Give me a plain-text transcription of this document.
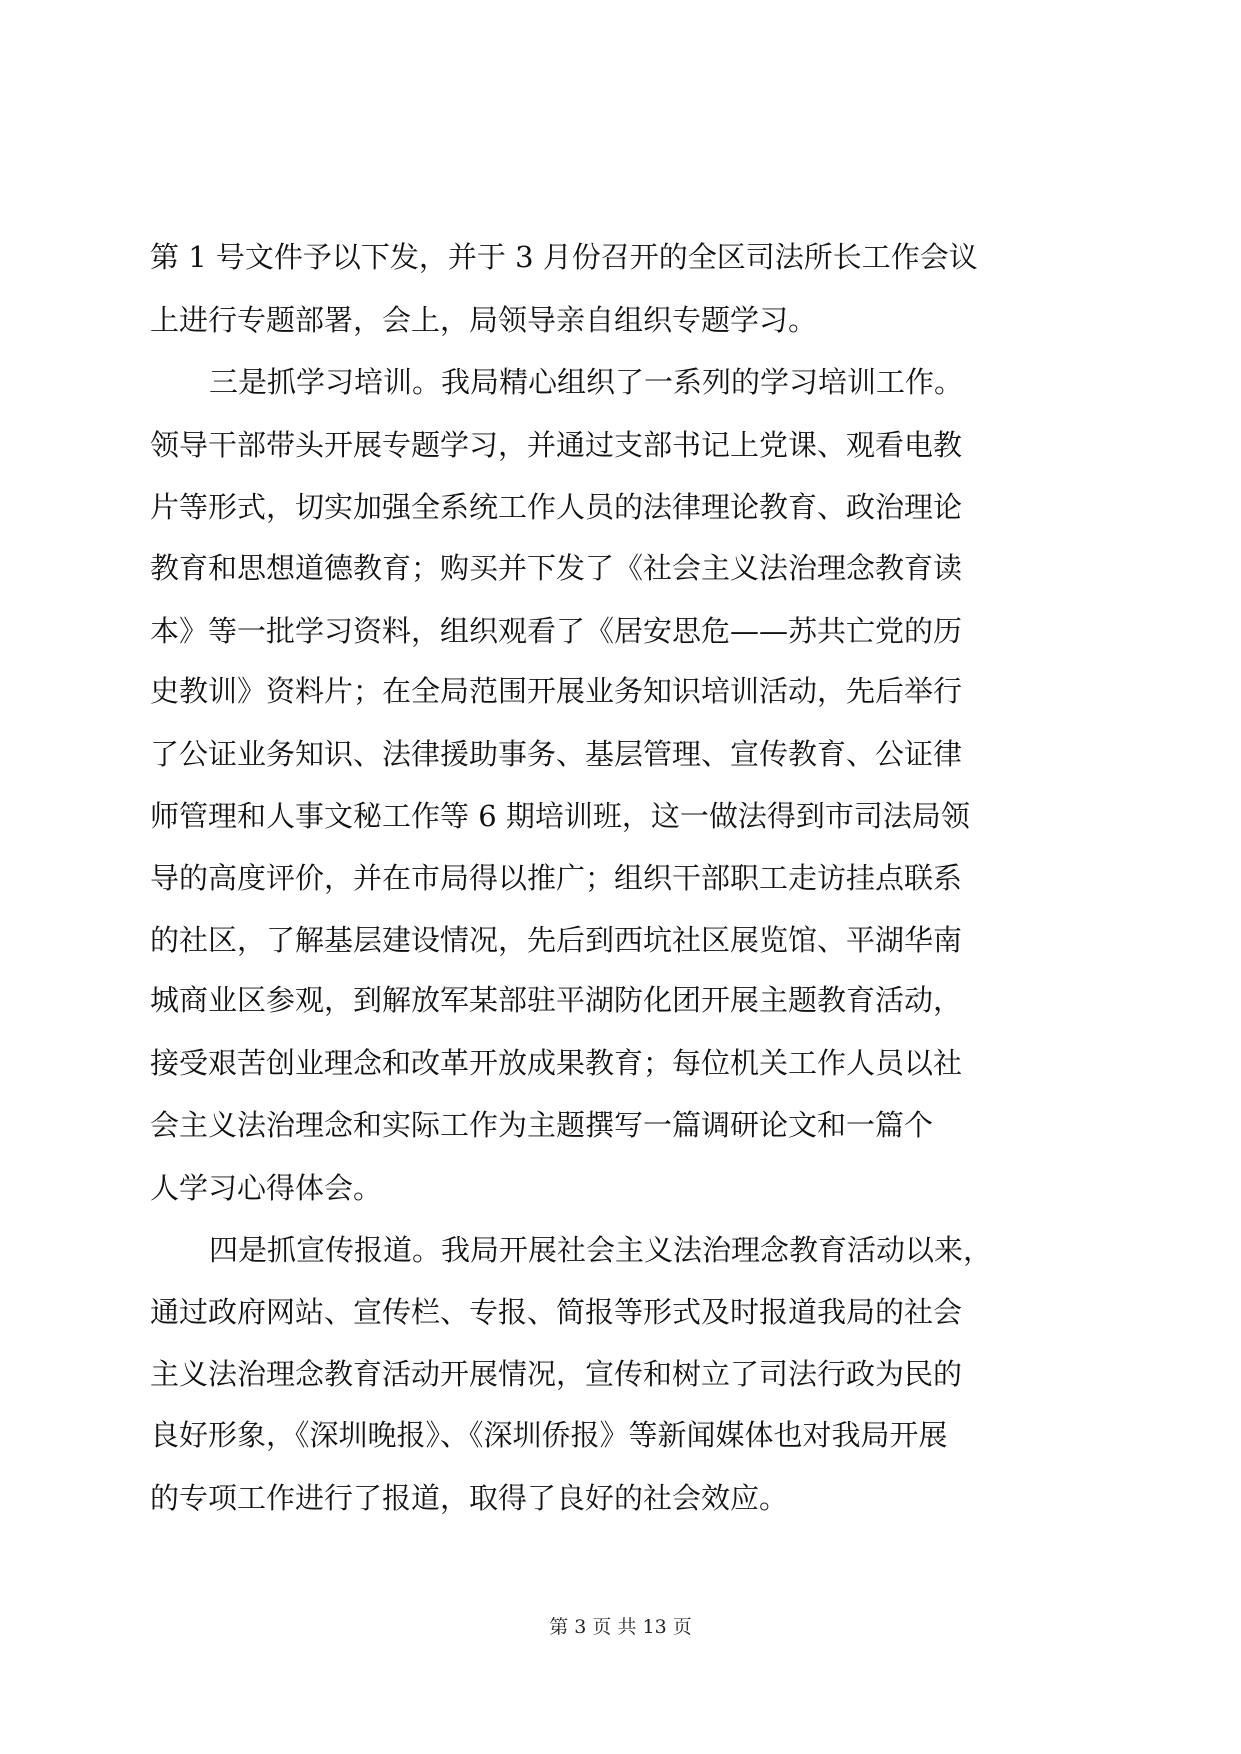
第 1 号文件予以下发，并于 3 月份召开的全区司法所长工作会议
上进行专题部署，会上，局领导亲自组织专题学习。
三是抓学习培训。我局精心组织了一系列的学习培训工作。
领导干部带头开展专题学习，并通过支部书记上党课、观看电教
片等形式，切实加强全系统工作人员的法律理论教育、政治理论
教育和思想道德教育；购买并下发了《社会主义法治理念教育读
本》等一批学习资料，组织观看了《居安思危——苏共亡党的历
史教训》资料片；在全局范围开展业务知识培训活动，先后举行
了公证业务知识、法律援助事务、基层管理、宣传教育、公证律
师管理和人事文秘工作等 6 期培训班，这一做法得到市司法局领
导的高度评价，并在市局得以推广；组织干部职工走访挂点联系
的社区，了解基层建设情况，先后到西坑社区展览馆、平湖华南
城商业区参观，到解放军某部驻平湖防化团开展主题教育活动，
接受艰苦创业理念和改革开放成果教育；每位机关工作人员以社
会主义法治理念和实际工作为主题撰写一篇调研论文和一篇个
人学习心得体会。
四是抓宣传报道。我局开展社会主义法治理念教育活动以来，
通过政府网站、宣传栏、专报、简报等形式及时报道我局的社会
主义法治理念教育活动开展情况，宣传和树立了司法行政为民的
良好形象，《深圳晚报》、《深圳侨报》等新闻媒体也对我局开展
的专项工作进行了报道，取得了良好的社会效应。
第 3 页 共 13 页
